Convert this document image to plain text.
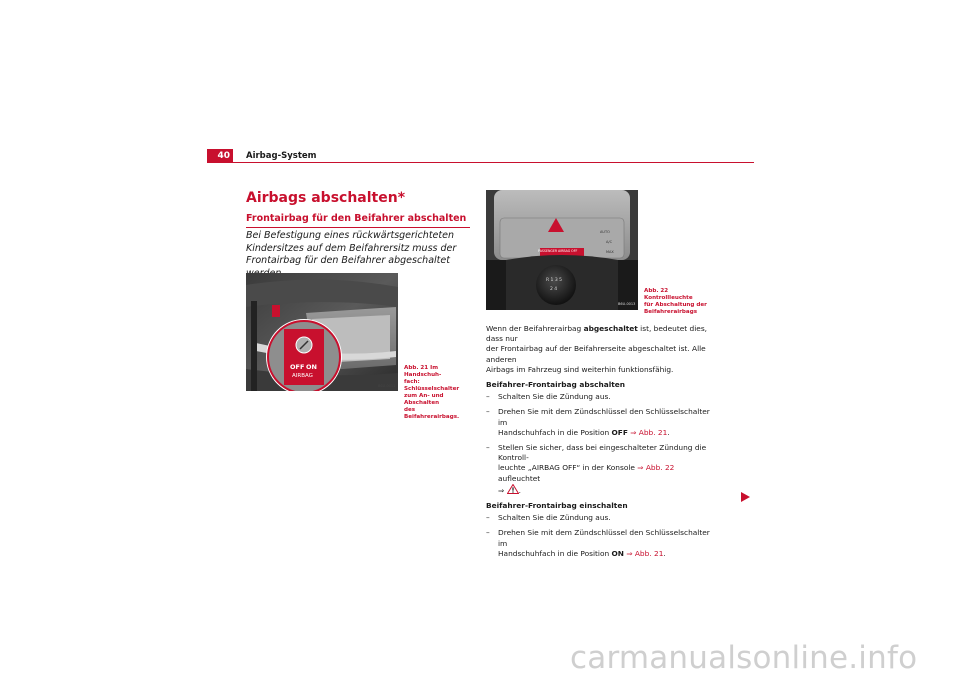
40	Airbag-System
Airbags abschalten*
Frontairbag für den Beifahrer abschalten
Bei Befestigung eines rückwärtsgerichteten Kindersitzes auf dem Beifahrersitz muss der Frontairbag für den Beifahrer abgeschaltet
OFF ON
AIRBAG
B6U-0011
Abb. 21 Im Handschuh-
fach: Schlüsselschalter
zum An- und Abschalten
des Beifahrerairbags.
PASSENGER AIRBAG OFF
AUTO
A/C
MAX
R 1 3 5
2 4
B6U-0013
Abb. 22 Kontrollleuchte
für Abschaltung der
Beifahrerairbags

Wenn der Beifahrerairbag abgeschaltet ist, bedeutet dies, dass nur
der Frontairbag auf der Beifahrerseite abgeschaltet ist. Alle anderen
Airbags im Fahrzeug sind weiterhin funktionsfähig.

Beifahrer-Frontairbag abschalten

– Schalten Sie die Zündung aus.

– Drehen Sie mit dem Zündschlüssel den Schlüsselschalter im
Handschuhfach in die Position OFF ⇒ Abb. 21.

– Stellen Sie sicher, dass bei eingeschalteter Zündung die Kontroll-
leuchte „AIRBAG OFF“ in der Konsole ⇒ Abb. 22 aufleuchtet
⇒ .

Beifahrer-Frontairbag einschalten

– Schalten Sie die Zündung aus.

– Drehen Sie mit dem Zündschlüssel den Schlüsselschalter im
Handschuhfach in die Position ON ⇒ Abb. 21.

carmanualsonline.info
